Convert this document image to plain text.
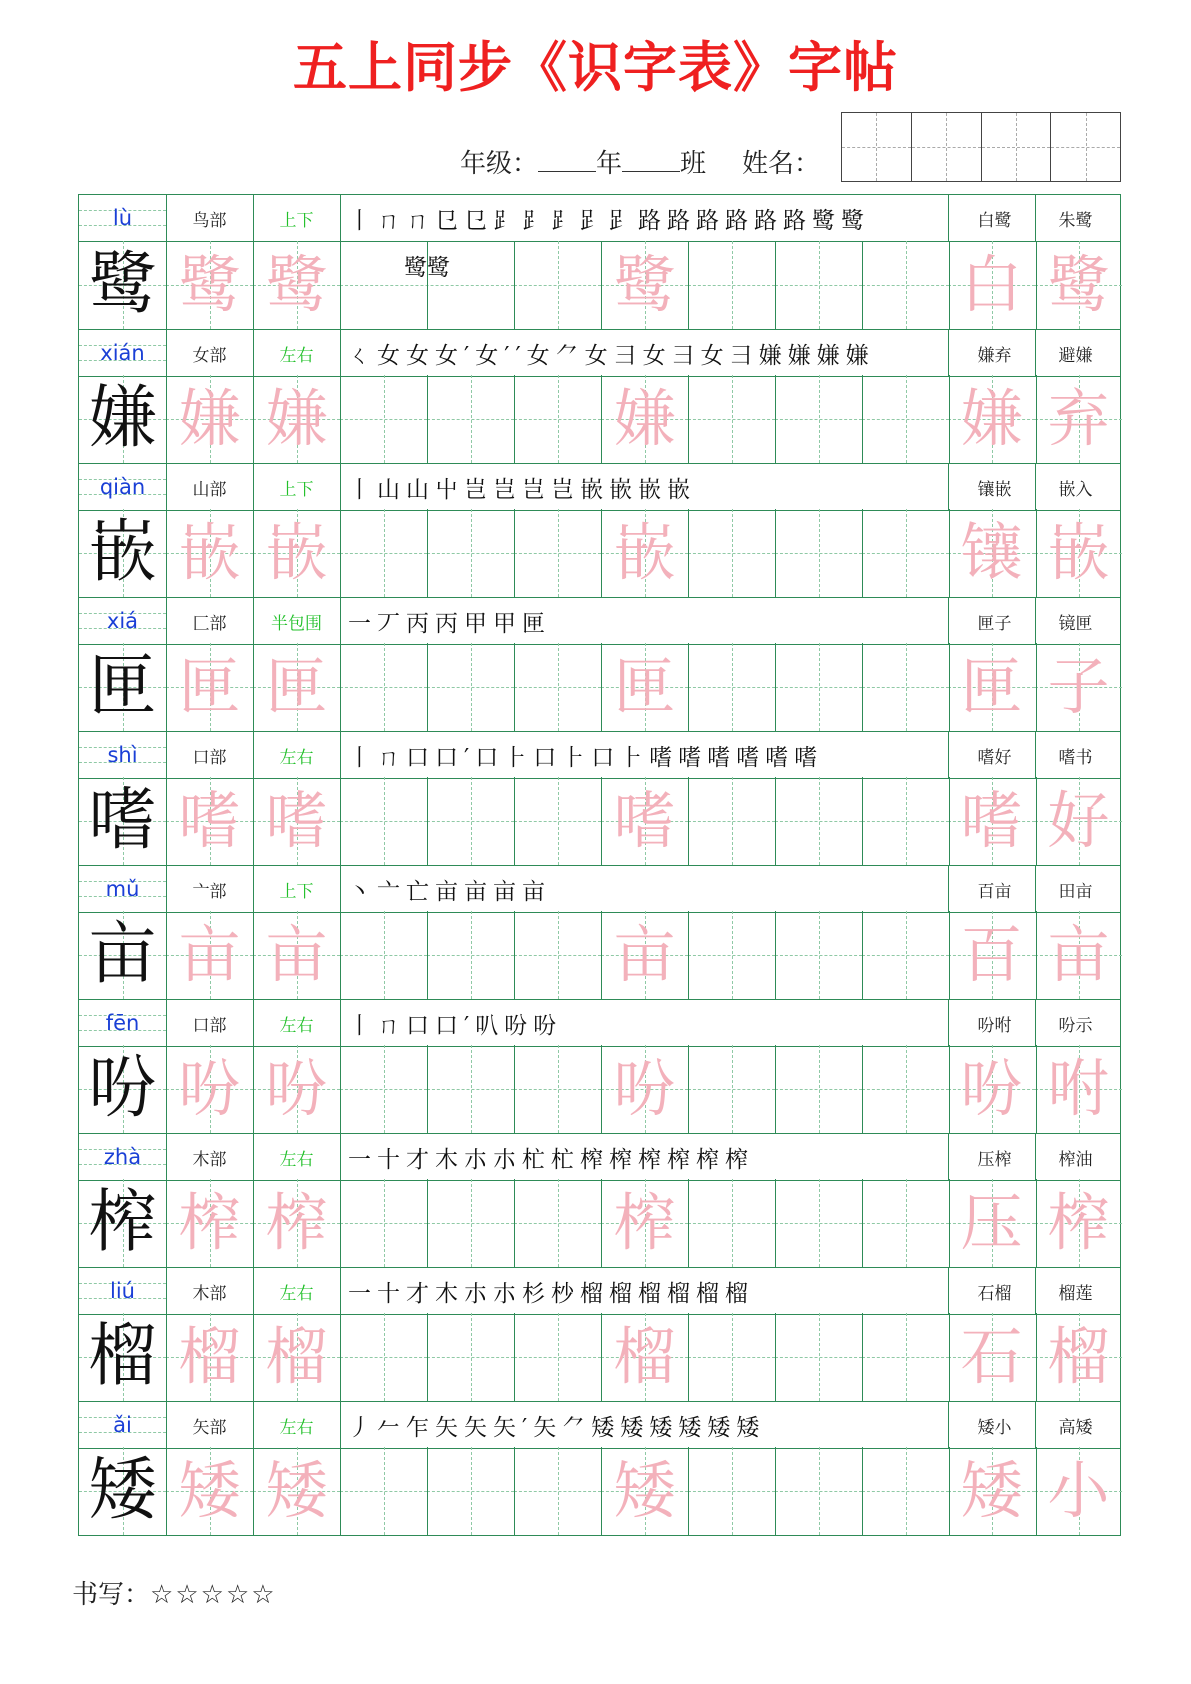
五上同步《识字表》字帖
年级： 年 班 姓名：
lù	鸟部	上下	丨ㄇㄇ㔾㔾⻊⻊⻊𧾷𧾷路路路路路路鹭鹭	白鹭	朱鹭
鹭 鹭 鹭	鹭鹭	鹭	白 鹭
xián	女部	左右	ㄑ女女女′女′′女⺈女⺕女⺕女⺕嫌嫌嫌嫌	嫌弃	避嫌
嫌 嫌 嫌	嫌	嫌 弃
qiàn	山部	上下	丨山山屮岂岂岂岂嵌嵌嵌嵌	镶嵌	嵌入
嵌 嵌 嵌	嵌	镶 嵌
xiá	匚部	半包围	一丆丙丙甲甲匣	匣子	镜匣
匣 匣 匣	匣	匣 子
shì	口部	左右	丨ㄇ口口′口⺊口⺊口⺊嗜嗜嗜嗜嗜嗜	嗜好	嗜书
嗜 嗜 嗜	嗜	嗜 好
mǔ	亠部	上下	丶亠亡亩亩亩亩	百亩	田亩
亩 亩 亩	亩	百 亩
fēn	口部	左右	丨ㄇ口口′叭吩吩	吩咐	吩示
吩 吩 吩	吩	吩 咐
zhà	木部	左右	一十才木朩朩杧杧榨榨榨榨榨榨	压榨	榨油
榨 榨 榨	榨	压 榨
liú	木部	左右	一十才木朩朩杉杪榴榴榴榴榴榴	石榴	榴莲
榴 榴 榴	榴	石 榴
ǎi	矢部	左右	丿𠂉乍矢矢矢′矢⺈矮矮矮矮矮矮	矮小	高矮
矮 矮 矮	矮	矮 小
书写：☆☆☆☆☆
